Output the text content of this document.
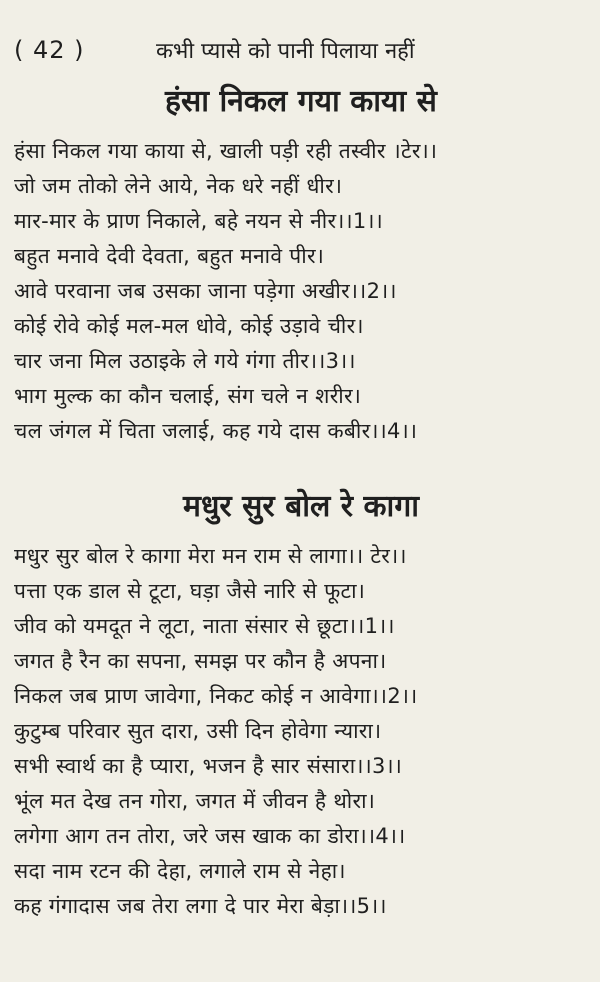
( 42 )	कभी प्यासे को पानी पिलाया नहीं
हंसा निकल गया काया से
हंसा निकल गया काया से, खाली पड़ी रही तस्वीर ।टेर।।
जो जम तोको लेने आये, नेक धरे नहीं धीर।
मार-मार के प्राण निकाले, बहे नयन से नीर।।1।।
बहुत मनावे देवी देवता, बहुत मनावे पीर।
आवे परवाना जब उसका जाना पड़ेगा अखीर।।2।।
कोई रोवे कोई मल-मल धोवे, कोई उड़ावे चीर।
चार जना मिल उठाइके ले गये गंगा तीर।।3।।
भाग मुल्क का कौन चलाई, संग चले न शरीर।
चल जंगल में चिता जलाई, कह गये दास कबीर।।4।।
मधुर सुर बोल रे कागा
मधुर सुर बोल रे कागा मेरा मन राम से लागा।। टेर।।
पत्ता एक डाल से टूटा, घड़ा जैसे नारि से फूटा।
जीव को यमदूत ने लूटा, नाता संसार से छूटा।।1।।
जगत है रैन का सपना, समझ पर कौन है अपना।
निकल जब प्राण जावेगा, निकट कोई न आवेगा।।2।।
कुटुम्ब परिवार सुत दारा, उसी दिन होवेगा न्यारा।
सभी स्वार्थ का है प्यारा, भजन है सार संसारा।।3।।
भूंल मत देख तन गोरा, जगत में जीवन है थोरा।
लगेगा आग तन तोरा, जरे जस खाक का डोरा।।4।।
सदा नाम रटन की देहा, लगाले राम से नेहा।
कह गंगादास जब तेरा लगा दे पार मेरा बेड़ा।।5।।
